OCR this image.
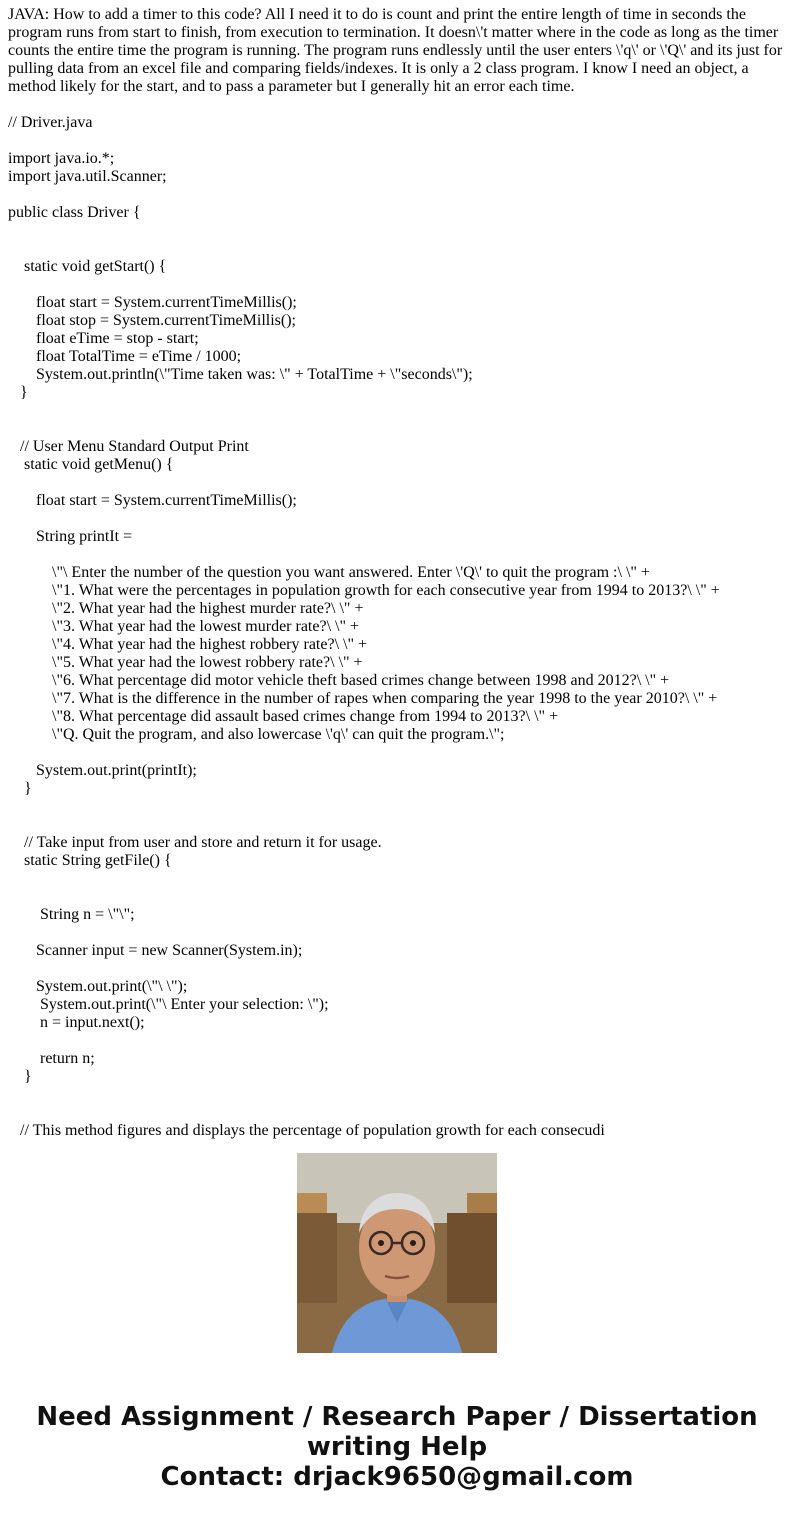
JAVA: How to add a timer to this code? All I need it to do is count and print the entire length of time in seconds the program runs from start to finish, from execution to termination. It doesn\'t matter where in the code as long as the timer counts the entire time the program is running. The program runs endlessly until the user enters \'q\' or \'Q\' and its just for pulling data from an excel file and comparing fields/indexes. It is only a 2 class program. I know I need an object, a method likely for the start, and to pass a parameter but I generally hit an error each time.

// Driver.java

import java.io.*;
import java.util.Scanner;

public class Driver {

static void getStart() {

float start = System.currentTimeMillis();
float stop = System.currentTimeMillis();
float eTime = stop - start;
float TotalTime = eTime / 1000;
System.out.println(\"Time taken was: \" + TotalTime + \"seconds\");
}

// User Menu Standard Output Print
static void getMenu() {

float start = System.currentTimeMillis();

String printIt =

\"\ Enter the number of the question you want answered. Enter \'Q\' to quit the program :\ \" +
\"1. What were the percentages in population growth for each consecutive year from 1994 to 2013?\ \" +
\"2. What year had the highest murder rate?\ \" +
\"3. What year had the lowest murder rate?\ \" +
\"4. What year had the highest robbery rate?\ \" +
\"5. What year had the lowest robbery rate?\ \" +
\"6. What percentage did motor vehicle theft based crimes change between 1998 and 2012?\ \" +
\"7. What is the difference in the number of rapes when comparing the year 1998 to the year 2010?\ \" +
\"8. What percentage did assault based crimes change from 1994 to 2013?\ \" +
\"Q. Quit the program, and also lowercase \'q\' can quit the program.\";

System.out.print(printIt);
}

// Take input from user and store and return it for usage.
static String getFile() {

String n = \"\";

Scanner input = new Scanner(System.in);

System.out.print(\"\ \");
System.out.print(\"\ Enter your selection: \");
n = input.next();

return n;
}

// This method figures and displays the percentage of population growth for each consecudi
Need Assignment / Research Paper / Dissertation
writing Help
Contact: drjack9650@gmail.com
